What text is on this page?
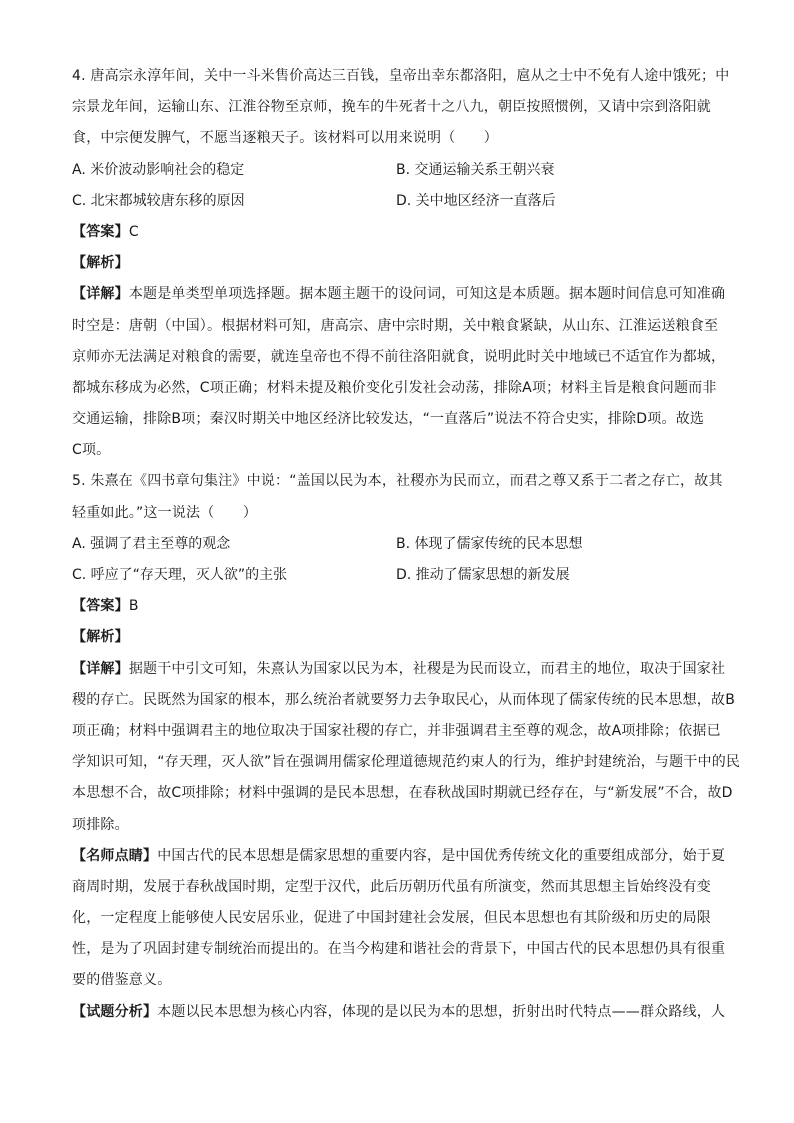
4. 唐高宗永淳年间，关中一斗米售价高达三百钱，皇帝出幸东都洛阳，扈从之士中不免有人途中饿死；中

宗景龙年间，运输山东、江淮谷物至京师，挽车的牛死者十之八九，朝臣按照惯例，又请中宗到洛阳就

食，中宗便发脾气，不愿当逐粮天子。该材料可以用来说明（　　）

A. 米价波动影响社会的稳定	B. 交通运输关系王朝兴衰
C. 北宋都城较唐东移的原因	D. 关中地区经济一直落后

【答案】C

【解析】

【详解】本题是单类型单项选择题。据本题主题干的设问词，可知这是本质题。据本题时间信息可知准确

时空是：唐朝（中国）。根据材料可知，唐高宗、唐中宗时期，关中粮食紧缺，从山东、江淮运送粮食至

京师亦无法满足对粮食的需要，就连皇帝也不得不前往洛阳就食，说明此时关中地域已不适宜作为都城，

都城东移成为必然，C项正确；材料未提及粮价变化引发社会动荡，排除A项；材料主旨是粮食问题而非

交通运输，排除B项；秦汉时期关中地区经济比较发达，“一直落后”说法不符合史实，排除D项。故选

C项。

5. 朱熹在《四书章句集注》中说：“盖国以民为本，社稷亦为民而立，而君之尊又系于二者之存亡，故其

轻重如此。”这一说法（　　）

A. 强调了君主至尊的观念	B. 体现了儒家传统的民本思想
C. 呼应了“存天理，灭人欲”的主张	D. 推动了儒家思想的新发展

【答案】B

【解析】

【详解】据题干中引文可知，朱熹认为国家以民为本，社稷是为民而设立，而君主的地位，取决于国家社

稷的存亡。民既然为国家的根本，那么统治者就要努力去争取民心，从而体现了儒家传统的民本思想，故B

项正确；材料中强调君主的地位取决于国家社稷的存亡，并非强调君主至尊的观念，故A项排除；依据已

学知识可知，“存天理，灭人欲”旨在强调用儒家伦理道德规范约束人的行为，维护封建统治，与题干中的民

本思想不合，故C项排除；材料中强调的是民本思想，在春秋战国时期就已经存在，与“新发展”不合，故D

项排除。

【名师点睛】中国古代的民本思想是儒家思想的重要内容，是中国优秀传统文化的重要组成部分，始于夏

商周时期，发展于春秋战国时期，定型于汉代，此后历朝历代虽有所演变，然而其思想主旨始终没有变

化，一定程度上能够使人民安居乐业，促进了中国封建社会发展，但民本思想也有其阶级和历史的局限

性，是为了巩固封建专制统治而提出的。在当今构建和谐社会的背景下，中国古代的民本思想仍具有很重

要的借鉴意义。

【试题分析】本题以民本思想为核心内容，体现的是以民为本的思想，折射出时代特点——群众路线，人
